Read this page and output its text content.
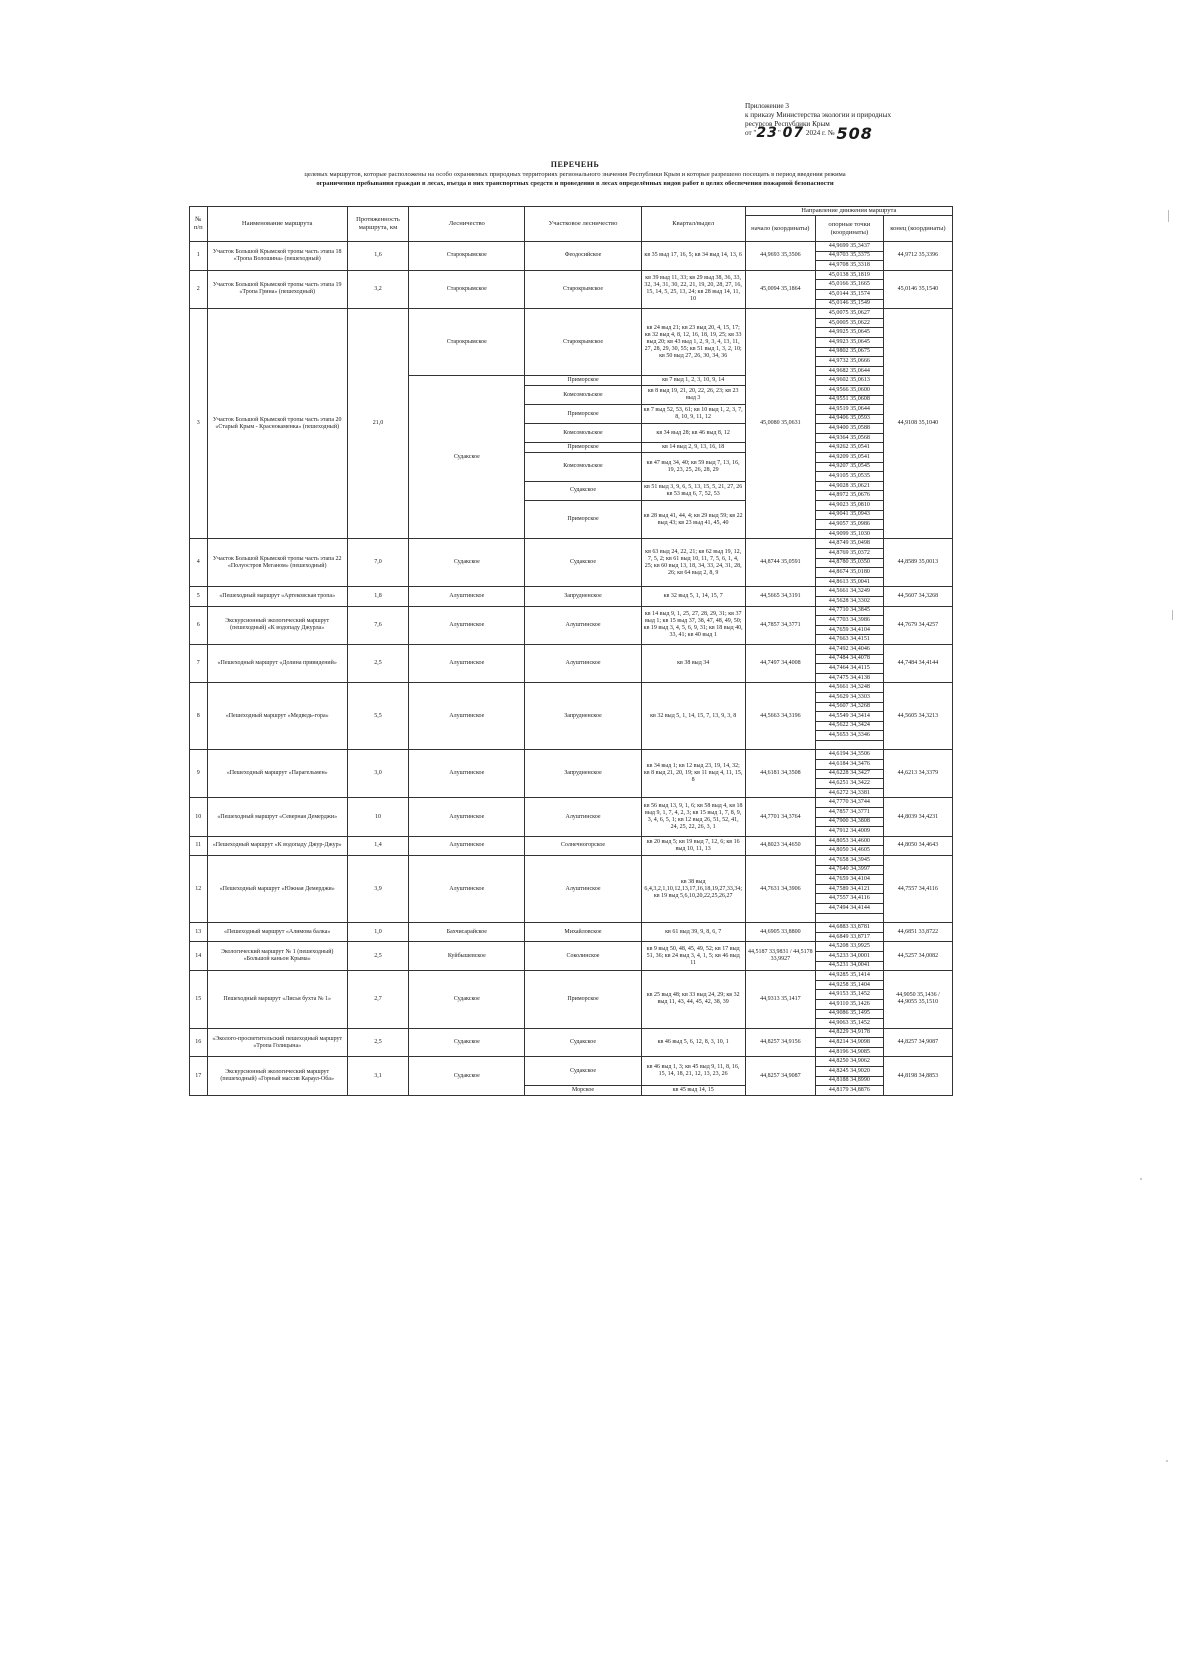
Приложение 3
к приказу Министерства экологии и природных
ресурсов Республики Крым
от "23" 07 2024 г. № 508
ПЕРЕЧЕНЬ
целевых маршрутов, которые расположены на особо охраняемых природных территориях регионального значения Республики Крым и которые разрешено посещать в период введения режима
ограничения пребывания граждан в лесах, въезда в них транспортных средств и проведения в лесах определённых видов работ в целях обеспечения пожарной безопасности
№ п/п	Наименование маршрута	Протяженность маршрута, км	Лесничество	Участковое лесничество	Квартал/выдел	Направление движения маршрута		
						начало (координаты)	опорные точки (координаты)	конец (координаты)
1	Участок Большой Крымской тропы часть этапа 18 «Тропа Волошина» (пешеходный)	1,6	Старокрымское	Феодосийское	кв 35 выд 17, 16, 5; кв 34 выд 14, 13, 6	44,9693 35,3506	44,9699 35,3437	44,9712 35,3396
							44,9703 35,3375	
							44,9708 35,3318	
2	Участок Большой Крымской тропы часть этапа 19 «Тропа Грина» (пешеходный)	3,2	Старокрымское	Старокрымское	кв 39 выд 11, 33; кв 29 выд 38, 36, 33, 32, 34, 31, 30, 22, 21, 19, 20, 28, 27, 16, 15, 14, 5, 25, 13, 24; кв 28 выд 14, 11, 10	45,0094 35,1864	45,0138 35,1819	45,0146 35,1540
							45,0166 35,1665	
							45,0144 35,1574	
							45,0146 35,1549	
3	Участок Большой Крымской тропы часть этапа 20 «Старый Крым - Краснокаменка» (пешеходный)	21,0	Старокрымское	Старокрымское	кв 24 выд 21; кв 23 выд 20, 4, 15, 17; кв 32 выд 4, 8, 12, 16, 18, 19, 25; кв 33 выд 20; кв 43 выд 1, 2, 9, 3, 4, 13, 11, 27, 28, 29, 30, 55; кв 51 выд 1, 3, 2, 10; кв 50 выд 27, 26, 30, 34, 36	45,0080 35,0631	45,0075 35,0627	44,9108 35,1040
							45,0005 35,0622	
							44,9925 35,0645	
							44,9923 35,0645	
							44,9802 35,0675	
							44,9732 35,0666	
							44,9682 35,0644	
			Судакское	Приморское	кв 7 выд 1, 2, 3, 10, 9, 14		44,9602 35,0613	
				Комсомольское	кв 8 выд 19, 21, 20, 22, 26, 23; кв 23 выд 3		44,9566 35,0600	
							44,9551 35,0608	
				Приморское	кв 7 выд 52, 53, 61; кв 10 выд 1, 2, 3, 7, 8, 10, 9, 11, 12		44,9519 35,0644	
							44,9406 35,0593	
				Комсомольское	кв 34 выд 28; кв 46 выд 8, 12		44,9400 35,0588	
							44,9364 35,0568	
				Приморское	кв 14 выд 2, 9, 13, 16, 18		44,9262 35,0541	
				Комсомольское	кв 47 выд 34, 40; кв 59 выд 7, 13, 16, 19, 23, 25, 26, 28, 29		44,9209 35,0541	
							44,9207 35,0545	
							44,9105 35,0535	
				Судакское	кв 51 выд 3, 9, 6, 5, 13, 15, 5, 21, 27, 26 кв 53 выд 6, 7, 52, 53		44,9028 35,0621	
							44,8972 35,0676	
				Приморское	кв 28 выд 41, 44, 4; кв 29 выд 59; кв 22 выд 43; кв 23 выд 41, 45, 40		44,9023 35,0810	
							44,9041 35,0943	
							44,9057 35,0986	
							44,9099 35,1030	
4	Участок Большой Крымской тропы часть этапа 22 «Полуостров Меганом» (пешеходный)	7,0	Судакское	Судакское	кв 63 выд 24, 22, 21; кв 62 выд 19, 12, 7, 5, 2; кв 61 выд 10, 11, 7, 5, 6, 1, 4, 25; кв 60 выд 13, 18, 34, 33, 24, 31, 28, 26; кв 64 выд 2, 8, 9	44,8744 35,0591	44,8749 35,0498	44,8589 35,0013
							44,8769 35,0372	
							44,8780 35,0350	
							44,8674 35,0180	
							44,8613 35,0041	
5	«Пешеходный маршрут «Артековская тропа»	1,8	Алуштинское	Запрудненское	кв 32 выд 5, 1, 14, 15, 7	44,5665 34,3191	44,5661 34,3249	44,5607 34,3268
							44,5628 34,3302	
6	Экскурсионный экологический маршрут (пешеходный) «К водопаду Джурла»	7,6	Алуштинское	Алуштинское	кв 14 выд 9, 1, 25, 27, 28, 29, 31; кв 37 выд 1; кв 15 выд 37, 38, 47, 48, 49, 50; кв 19 выд 3, 4, 5, 6, 9, 31; кв 18 выд 40, 33, 41; кв 40 выд 1	44,7857 34,3771	44,7710 34,3845	44,7679 34,4257
							44,7703 34,3986	
							44,7659 34,4104	
							44,7663 34,4151	
7	«Пешеходный маршрут «Долина привидений»	2,5	Алуштинское	Алуштинское	кв 38 выд 34	44,7497 34,4008	44,7492 34,4046	44,7484 34,4144
							44,7484 34,4078	
							44,7464 34,4115	
							44,7475 34,4138	
8	«Пешеходный маршрут «Медведь-гора»	5,5	Алуштинское	Запрудненское	кв 32 выд 5, 1, 14, 15, 7, 13, 9, 3, 8	44,5663 34,3196	44,5661 34,3248	44,5605 34,3213
							44,5629 34,3303	
							44,5607 34,3268	
							44,5549 34,3414	
							44,5622 34,3424	
							44,5653 34,3346	

9	«Пешеходный маршрут «Парагельмен»	3,0	Алуштинское	Запрудненское	кв 34 выд 1; кв 12 выд 23, 19, 14, 32; кв 8 выд 21, 20, 19; кв 11 выд 4, 11, 15, 8	44,6181 34,3508	44,6194 34,3506	44,6213 34,3379
							44,6184 34,3476	
							44,6228 34,3427	
							44,6251 34,3422	
							44,6272 34,3381	
10	«Пешеходный маршрут «Северная Демерджи»	10	Алуштинское	Алуштинское	кв 56 выд 13, 9, 1, 6; кв 58 выд 4, кв 18 выд 9, 1, 7, 4, 2, 3; кв 15 выд 1, 7, 8, 9, 3, 4, 6, 5, 1; кв 12 выд 26, 51, 52, 41, 24, 25, 22, 26, 3, 1	44,7701 34,3764	44,7770 34,3744	44,8039 34,4231
							44,7857 34,3771	
							44,7900 34,3808	
							44,7912 34,4009	
11	«Пешеходный маршрут «К водопаду Джур-Джур»	1,4	Алуштинское	Солнечногорское	кв 20 выд 5; кв 19 выд 7, 12, 6; кв 16 выд 10, 11, 13	44,8023 34,4650	44,8053 34,4600	44,8050 34,4643
							44,8050 34,4605	
12	«Пешеходный маршрут «Южная Демерджи»	3,9	Алуштинское	Алуштинское	кв 38 выд 6,4,3,2,1,10,12,13,17,16,18,19,27,33,34; кв 19 выд 5,6,10,20,22,25,26,27	44,7631 34,3906	44,7658 34,3945	44,7557 34,4116
							44,7640 34,3997	
							44,7659 34,4104	
							44,7589 34,4121	
							44,7557 34,4116	
							44,7494 34,4144	

13	«Пешеходный маршрут «Алимова балка»	1,0	Бахчисарайское	Михайловское	кв 61 выд 39, 9, 8, 6, 7	44,6905 33,8800	44,6883 33,8781	44,6851 33,8722
							44,6849 33,8717	
14	Экологический маршрут № 1 (пешеходный) «Большой каньон Крыма»	2,5	Куйбышевское	Соколинское	кв 9 выд 50, 48, 45, 49, 52; кв 17 выд 51, 36; кв 24 выд 3, 4, 1, 5; кв 46 выд 11	44,5187 33,9831 / 44,5178 33,9927	44,5208 33,9925	44,5257 34,0082
							44,5233 34,0001	
							44,5231 34,0041	
15	Пешеходный маршрут «Лисья бухта № 1»	2,7	Судакское	Приморское	кв 25 выд 48; кв 33 выд 24, 29; кв 32 выд 11, 43, 44, 45, 42, 38, 39	44,9313 35,1417	44,9285 35,1414	44,9050 35,1436 / 44,9055 35,1510
							44,9258 35,1404	
							44,9153 35,1452	
							44,9110 35,1426	
							44,9086 35,1495	
							44,9063 35,1452	
16	«Эколого-просветительский пешеходный маршрут «Тропа Голицына»	2,5	Судакское	Судакское	кв 46 выд 5, 6, 12, 8, 3, 10, 1	44,8257 34,9156	44,8229 34,9178	44,8257 34,9087
							44,8214 34,9098	
							44,8196 34,9085	
17	Экскурсионный экологический маршрут (пешеходный) «Горный массив Караул-Оба»	3,1	Судакское	Судакское	кв 46 выд 1, 3; кв 45 выд 9, 11, 8, 16, 15, 14, 18, 21, 12, 13, 23, 26	44,8257 34,9087	44,8250 34,9062	44,8198 34,8853
							44,8245 34,9020	
							44,8188 34,8990	
				Морское	кв 45 выд 14, 15		44,8179 34,8876	
